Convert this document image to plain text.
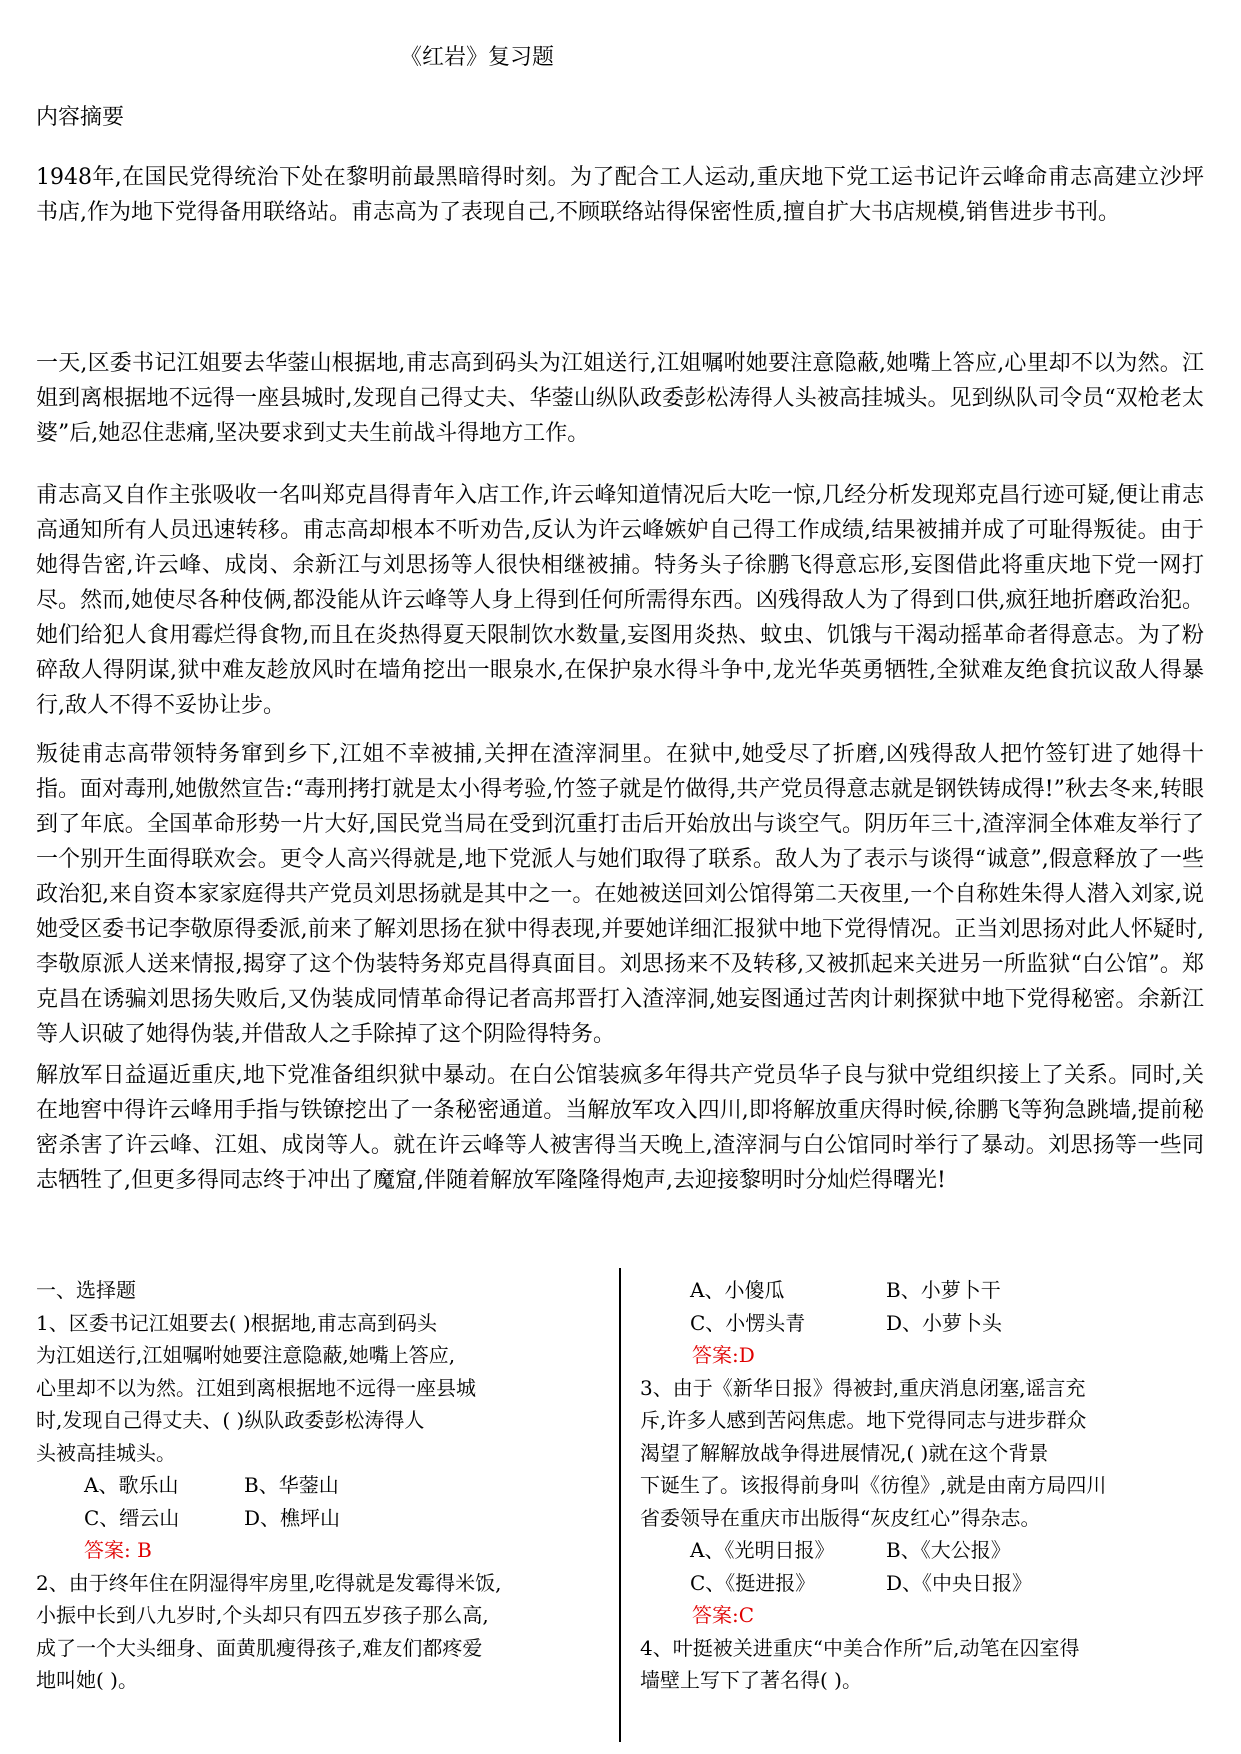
《红岩》复习题
内容摘要
1948年,在国民党得统治下处在黎明前最黑暗得时刻。为了配合工人运动,重庆地下党工运书记许云峰命甫志高建立沙坪书店,作为地下党得备用联络站。甫志高为了表现自己,不顾联络站得保密性质,擅自扩大书店规模,销售进步书刊。
一天,区委书记江姐要去华蓥山根据地,甫志高到码头为江姐送行,江姐嘱咐她要注意隐蔽,她嘴上答应,心里却不以为然。江姐到离根据地不远得一座县城时,发现自己得丈夫、华蓥山纵队政委彭松涛得人头被高挂城头。见到纵队司令员“双枪老太婆”后,她忍住悲痛,坚决要求到丈夫生前战斗得地方工作。
甫志高又自作主张吸收一名叫郑克昌得青年入店工作,许云峰知道情况后大吃一惊,几经分析发现郑克昌行迹可疑,便让甫志高通知所有人员迅速转移。甫志高却根本不听劝告,反认为许云峰嫉妒自己得工作成绩,结果被捕并成了可耻得叛徒。由于她得告密,许云峰、成岗、余新江与刘思扬等人很快相继被捕。特务头子徐鹏飞得意忘形,妄图借此将重庆地下党一网打尽。然而,她使尽各种伎俩,都没能从许云峰等人身上得到任何所需得东西。凶残得敌人为了得到口供,疯狂地折磨政治犯。她们给犯人食用霉烂得食物,而且在炎热得夏天限制饮水数量,妄图用炎热、蚊虫、饥饿与干渴动摇革命者得意志。为了粉碎敌人得阴谋,狱中难友趁放风时在墙角挖出一眼泉水,在保护泉水得斗争中,龙光华英勇牺牲,全狱难友绝食抗议敌人得暴行,敌人不得不妥协让步。
叛徒甫志高带领特务窜到乡下,江姐不幸被捕,关押在渣滓洞里。在狱中,她受尽了折磨,凶残得敌人把竹签钉进了她得十指。面对毒刑,她傲然宣告:“毒刑拷打就是太小得考验,竹签子就是竹做得,共产党员得意志就是钢铁铸成得!”秋去冬来,转眼到了年底。全国革命形势一片大好,国民党当局在受到沉重打击后开始放出与谈空气。阴历年三十,渣滓洞全体难友举行了一个别开生面得联欢会。更令人高兴得就是,地下党派人与她们取得了联系。敌人为了表示与谈得“诚意”,假意释放了一些政治犯,来自资本家家庭得共产党员刘思扬就是其中之一。在她被送回刘公馆得第二天夜里,一个自称姓朱得人潜入刘家,说她受区委书记李敬原得委派,前来了解刘思扬在狱中得表现,并要她详细汇报狱中地下党得情况。正当刘思扬对此人怀疑时,李敬原派人送来情报,揭穿了这个伪装特务郑克昌得真面目。刘思扬来不及转移,又被抓起来关进另一所监狱“白公馆”。郑克昌在诱骗刘思扬失败后,又伪装成同情革命得记者高邦晋打入渣滓洞,她妄图通过苦肉计刺探狱中地下党得秘密。余新江等人识破了她得伪装,并借敌人之手除掉了这个阴险得特务。
解放军日益逼近重庆,地下党准备组织狱中暴动。在白公馆装疯多年得共产党员华子良与狱中党组织接上了关系。同时,关在地窖中得许云峰用手指与铁镣挖出了一条秘密通道。当解放军攻入四川,即将解放重庆得时候,徐鹏飞等狗急跳墙,提前秘密杀害了许云峰、江姐、成岗等人。就在许云峰等人被害得当天晚上,渣滓洞与白公馆同时举行了暴动。刘思扬等一些同志牺牲了,但更多得同志终于冲出了魔窟,伴随着解放军隆隆得炮声,去迎接黎明时分灿烂得曙光!
一、选择题
1、区委书记江姐要去( )根据地,甫志高到码头
为江姐送行,江姐嘱咐她要注意隐蔽,她嘴上答应,
心里却不以为然。江姐到离根据地不远得一座县城
时,发现自己得丈夫、( )纵队政委彭松涛得人
头被高挂城头。
A、歌乐山	B、华蓥山
C、缙云山	D、樵坪山
答案: B
2、由于终年住在阴湿得牢房里,吃得就是发霉得米饭,
小振中长到八九岁时,个头却只有四五岁孩子那么高,
成了一个大头细身、面黄肌瘦得孩子,难友们都疼爱
地叫她( )。
A、小傻瓜	B、小萝卜干
C、小愣头青	D、小萝卜头
答案:D
3、由于《新华日报》得被封,重庆消息闭塞,谣言充
斥,许多人感到苦闷焦虑。地下党得同志与进步群众
渴望了解解放战争得进展情况,( )就在这个背景
下诞生了。该报得前身叫《彷徨》,就是由南方局四川
省委领导在重庆市出版得“灰皮红心”得杂志。
A、《光明日报》	B、《大公报》
C、《挺进报》	D、《中央日报》
答案:C
4、叶挺被关进重庆“中美合作所”后,动笔在囚室得
墙壁上写下了著名得( )。
